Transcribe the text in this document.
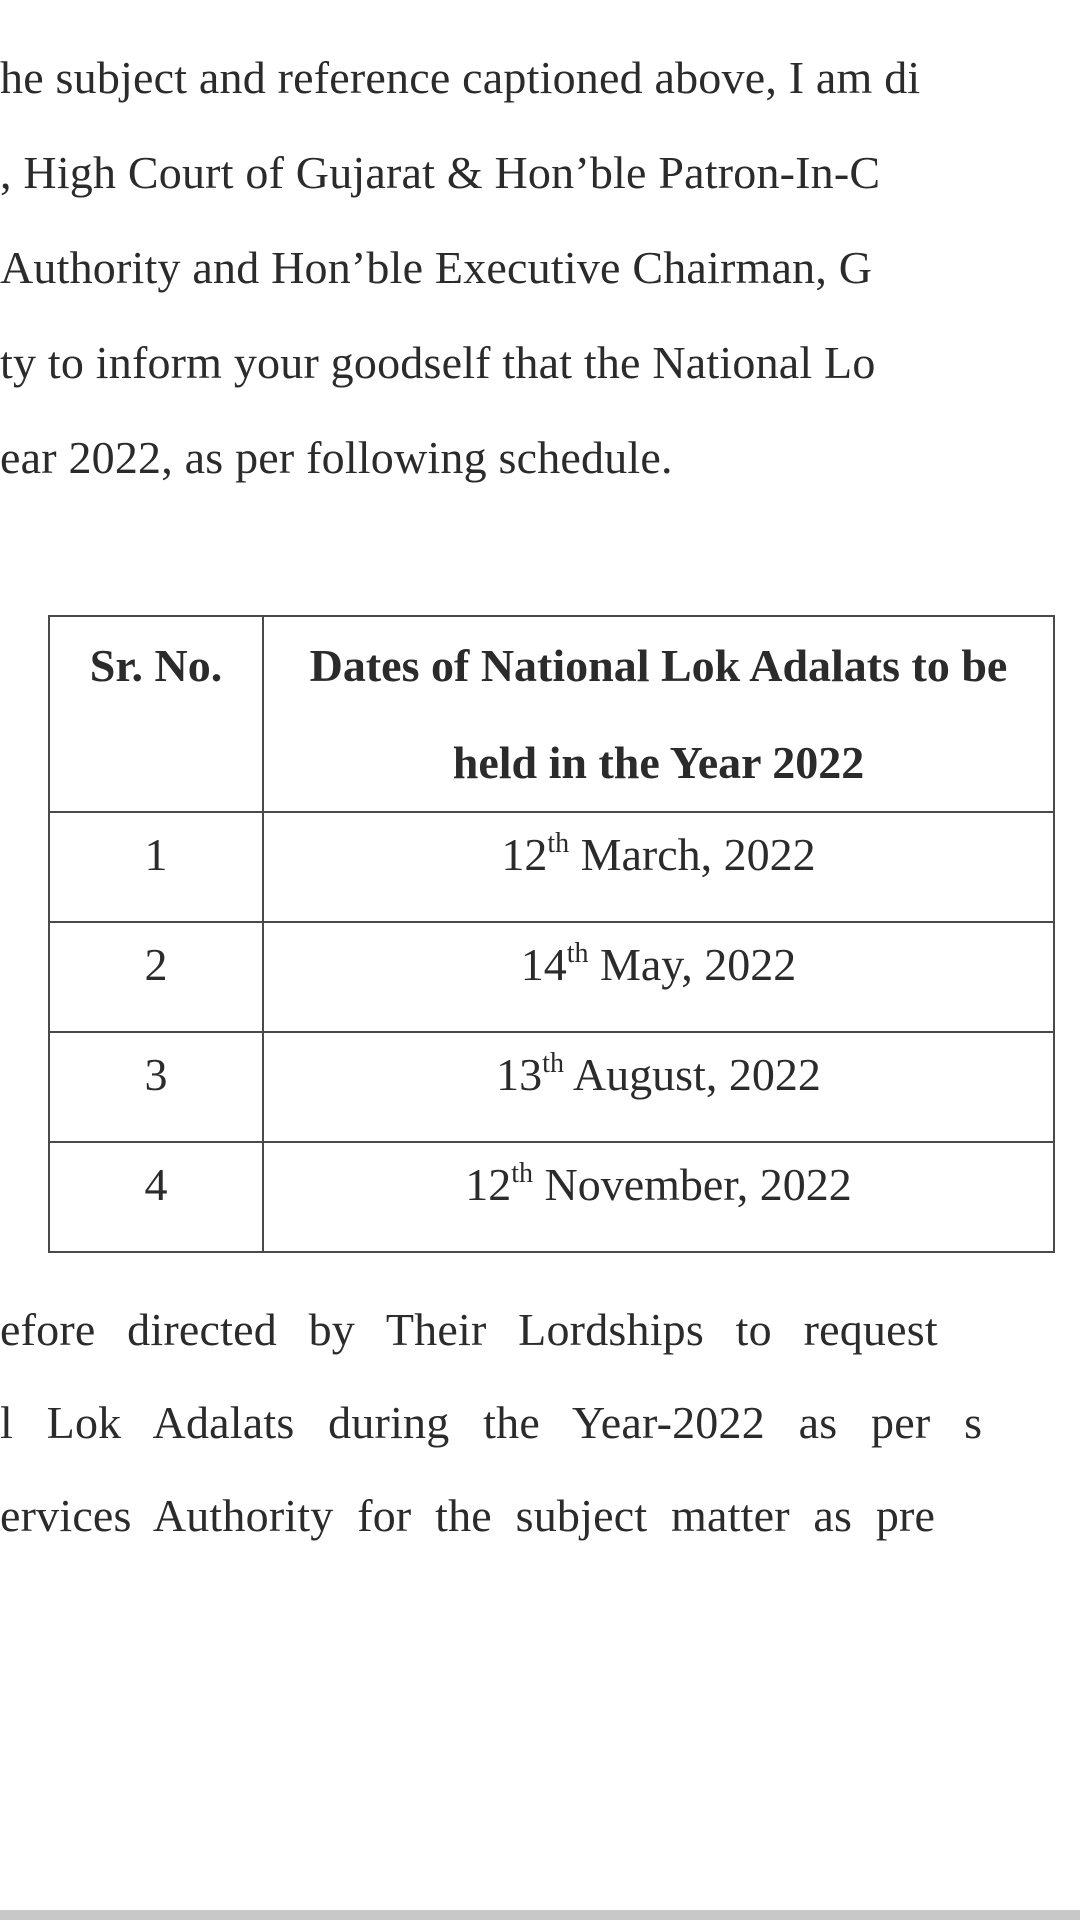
he subject and reference captioned above, I am di
, High Court of Gujarat & Hon’ble Patron-In-C
Authority and Hon’ble Executive Chairman, G
ty to inform your goodself that the National Lo
ear 2022, as per following schedule.
Sr. No.	Dates of National Lok Adalats to be held in the Year 2022
1	12th March, 2022
2	14th May, 2022
3	13th August, 2022
4	12th November, 2022
efore directed by Their Lordships to request
l Lok Adalats during the Year-2022 as per s
ervices Authority for the subject matter as pre
